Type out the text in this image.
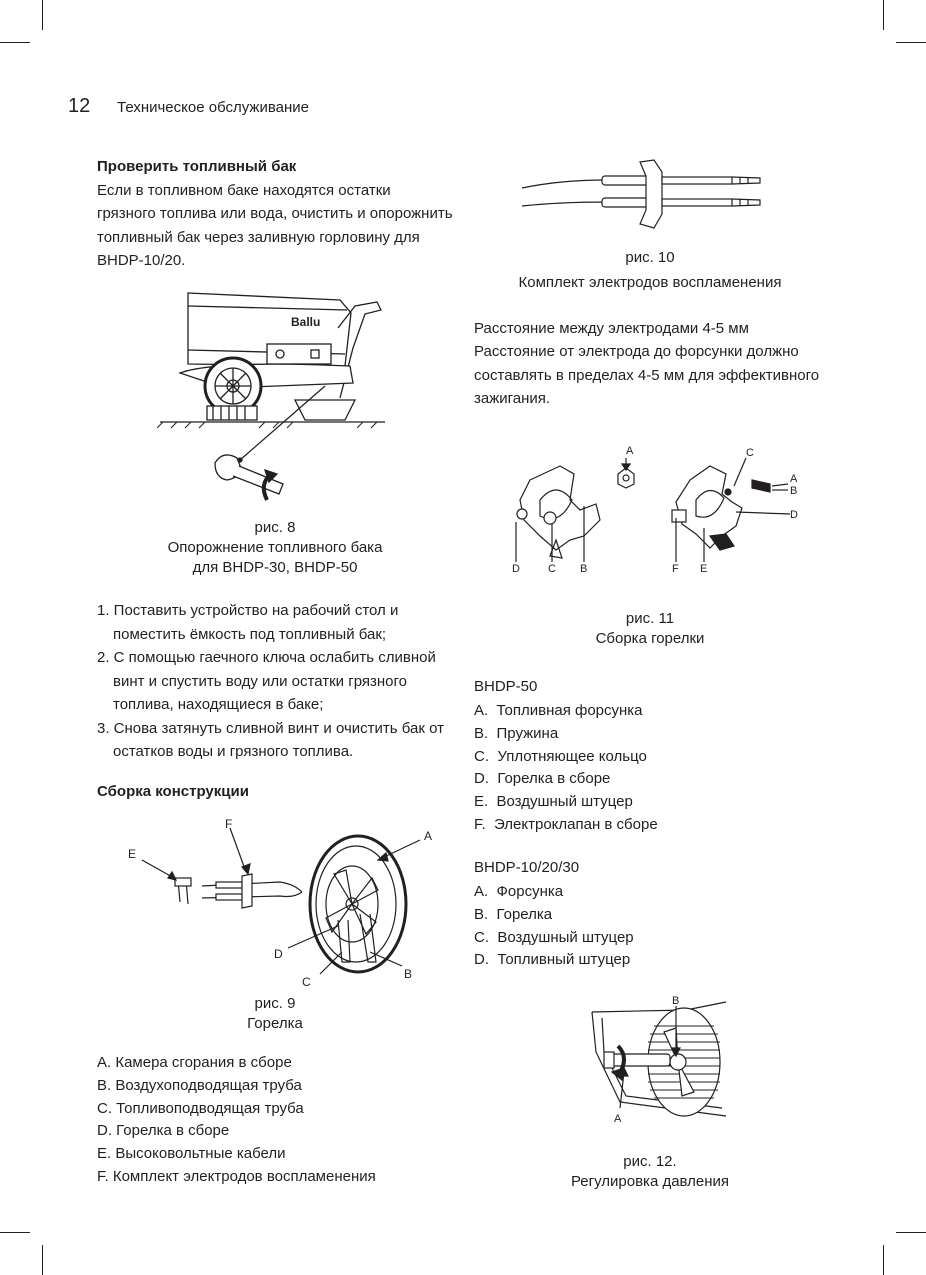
12 Техническое обслуживание
Проверить топливный бак

Если в топливном баке находятся остатки грязного топлива или вода, очистить и опорожнить топливный бак через заливную горловину для BHDP-10/20.

Ballu
рис. 8
Опорожнение топливного бака
для BHDP-30, BHDP-50
1. Поставить устройство на рабочий стол и поместить ёмкость под топливный бак;
2. С помощью гаечного ключа ослабить сливной винт и спустить воду или остатки грязного топлива, находящиеся в баке;
3. Снова затянуть сливной винт и очистить бак от остатков воды и грязного топлива.
Сборка конструкции
F
E
A
B
C
D
рис. 9
Горелка
A. Камера сгорания в сборе
B. Воздухоподводящая труба
C. Топливоподводящая труба
D. Горелка в сборе
E. Высоковольтные кабели
F. Комплект электродов воспламенения
рис. 10
Комплект электродов воспламенения

Расстояние между электродами 4-5 мм

Расстояние от электрода до форсунки должно составлять в пределах 4-5 мм для эффективного зажигания.

A	C
A
B
D
D	C B	F E
рис. 11
Сборка горелки
BHDP-50
A.  Топливная форсунка
B.  Пружина
C.  Уплотняющее кольцо
D.  Горелка в сборе
E.  Воздушный штуцер
F.  Электроклапан в сборе
BHDP-10/20/30
A.  Форсунка
B.  Горелка
C.  Воздушный штуцер
D.  Топливный штуцер
B
A
рис. 12.
Регулировка давления
